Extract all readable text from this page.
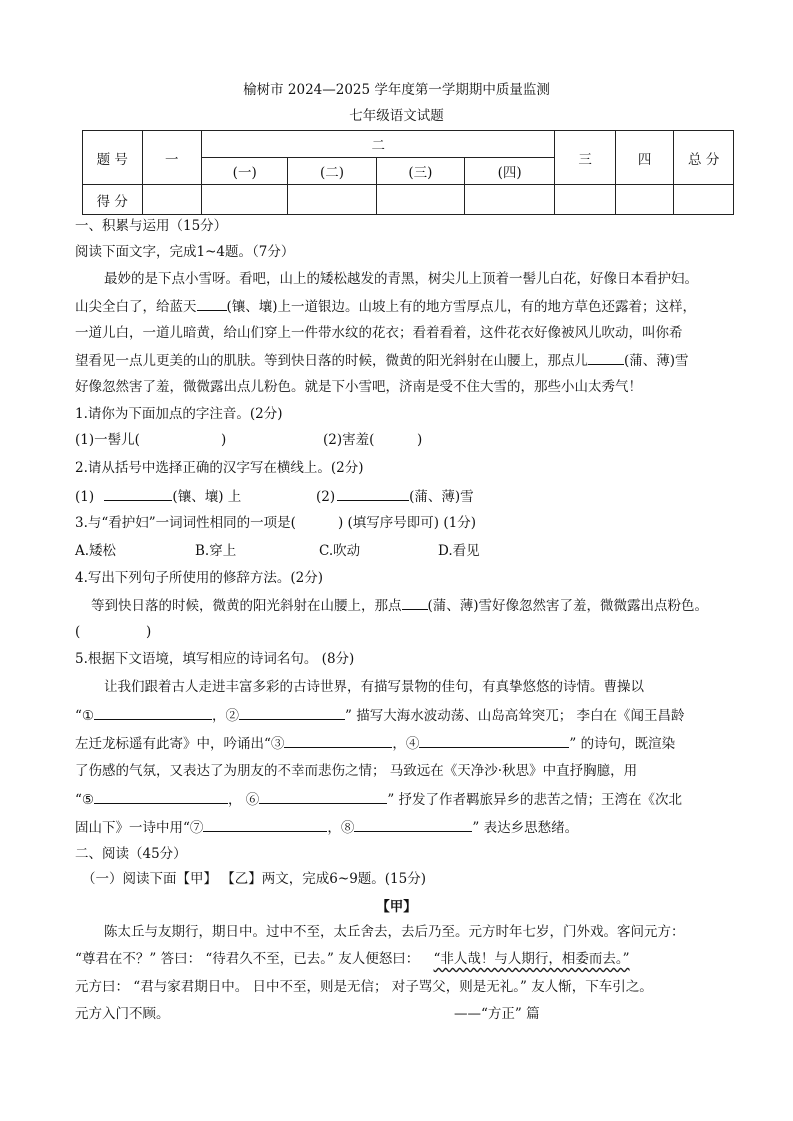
榆树市 2024—2025 学年度第一学期期中质量监测
七年级语文试题
题 号	一	二				三	四	总 分
		(一)	(二)	(三)	(四)			
得 分								
一、积累与运用（15分）
阅读下面文字，完成1~4题。（7分）
最妙的是下点小雪呀。看吧，山上的矮松越发的青黑，树尖儿上顶着一髻儿白花，好像日本看护妇。
山尖全白了，给蓝天 (镶、壤)上一道银边。山坡上有的地方雪厚点儿，有的地方草色还露着；这样，
一道儿白，一道儿暗黄，给山们穿上一件带水纹的花衣；看着看着，这件花衣好像被风儿吹动，叫你希
望看见一点儿更美的山的肌肤。等到快日落的时候，微黄的阳光斜射在山腰上，那点儿	(蒲、薄)雪
好像忽然害了羞，微微露出点儿粉色。就是下小雪吧，济南是受不住大雪的，那些小山太秀气！
1.请你为下面加点的字注音。(2分)
(1)一髻儿(	)	(2)害羞(	)
2.请从括号中选择正确的汉字写在横线上。(2分)
(1)	(镶、壤) 上	(2)	(蒲、薄)雪
3.与“看护妇”一词词性相同的一项是(	) (填写序号即可) (1分)
A.矮松	B.穿上	C.吹动	D.看见
4.写出下列句子所使用的修辞方法。(2分)
等到快日落的时候，微黄的阳光斜射在山腰上，那点 (蒲、薄)雪好像忽然害了羞，微微露出点粉色。
(	)
5.根据下文语境，填写相应的诗词名句。 (8分)
让我们跟着古人走进丰富多彩的古诗世界，有描写景物的佳句，有真挚悠悠的诗情。曹操以
“①	，②	” 描写大海水波动荡、山岛高耸突兀； 李白在《闻王昌龄
左迁龙标遥有此寄》中，吟诵出“③	，④	” 的诗句，既渲染
了伤感的气氛，又表达了为朋友的不幸而悲伤之情； 马致远在《天净沙·秋思》中直抒胸臆，用
“⑤	， ⑥	” 抒发了作者羁旅异乡的悲苦之情；王湾在《次北
固山下》一诗中用“⑦	，⑧	” 表达乡思愁绪。
二、阅读（45分）
（一）阅读下面【甲】 【乙】两文，完成6~9题。(15分)
【甲】
陈太丘与友期行，期日中。过中不至，太丘舍去，去后乃至。元方时年七岁，门外戏。客问元方：
“尊君在不？” 答曰： “待君久不至，已去。” 友人便怒曰： “非人哉！与人期行，相委而去。”
元方曰： “君与家君期日中。 日中不至，则是无信； 对子骂父，则是无礼。” 友人惭，下车引之。
元方入门不顾。	——“方正” 篇
